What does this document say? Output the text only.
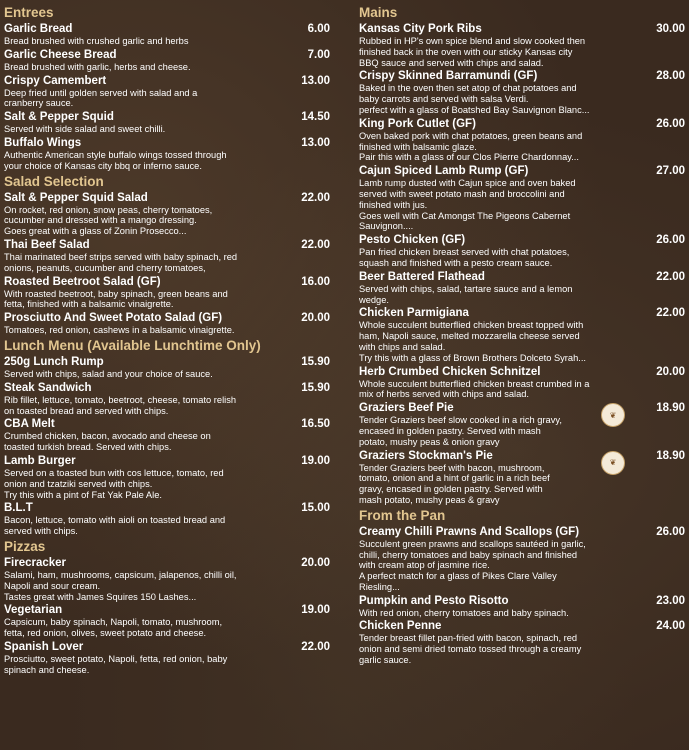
Entrees
Garlic Bread	6.00
Bread brushed with crushed garlic and herbs
Garlic Cheese Bread	7.00
Bread brushed with garlic, herbs and cheese.
Crispy Camembert	13.00
Deep fried until golden served with salad and a
cranberry sauce.
Salt & Pepper Squid	14.50
Served with side salad and sweet chilli.
Buffalo Wings	13.00
Authentic American style buffalo wings tossed through
your choice of Kansas city bbq or inferno sauce.
Salad Selection
Salt & Pepper Squid Salad	22.00
On rocket, red onion, snow peas, cherry tomatoes,
cucumber and dressed with a mango dressing.
Goes great with a glass of Zonin Prosecco...
Thai Beef Salad	22.00
Thai marinated beef strips served with baby spinach, red
onions, peanuts, cucumber and cherry tomatoes,
Roasted Beetroot Salad (GF)	16.00
With roasted beetroot, baby spinach, green beans and
fetta, finished with a balsamic vinaigrette.
Prosciutto And Sweet Potato Salad (GF)	20.00
Tomatoes, red onion, cashews in a balsamic vinaigrette.
Lunch Menu (Available Lunchtime Only)
250g Lunch Rump	15.90
Served with chips, salad and your choice of sauce.
Steak Sandwich	15.90
Rib fillet, lettuce, tomato, beetroot, cheese, tomato relish
on toasted bread and served with chips.
CBA Melt	16.50
Crumbed chicken, bacon, avocado and cheese on
toasted turkish bread. Served with chips.
Lamb Burger	19.00
Served on a toasted bun with cos lettuce, tomato, red
onion and tzatziki served with chips.
Try this with a pint of Fat Yak Pale Ale.
B.L.T	15.00
Bacon, lettuce, tomato with aioli on toasted bread and
served with chips.
Pizzas
Firecracker	20.00
Salami, ham, mushrooms, capsicum, jalapenos, chilli oil,
Napoli and sour cream.
Tastes great with James Squires 150 Lashes...
Vegetarian	19.00
Capsicum, baby spinach, Napoli, tomato, mushroom,
fetta, red onion, olives, sweet potato and cheese.
Spanish Lover	22.00
Prosciutto, sweet potato, Napoli, fetta, red onion, baby
spinach and cheese.
Mains
Kansas City Pork Ribs	30.00
Rubbed in HP's own spice blend and slow cooked then
finished back in the oven with our sticky Kansas city
BBQ sauce and served with chips and salad.
Crispy Skinned Barramundi (GF)	28.00
Baked in the oven then set atop of chat potatoes and
baby carrots and served with salsa Verdi.
perfect with a glass of Boatshed Bay Sauvignon Blanc...
King Pork Cutlet (GF)	26.00
Oven baked pork with chat potatoes, green beans and
finished with balsamic glaze.
Pair this with a glass of our Clos Pierre Chardonnay...
Cajun Spiced Lamb Rump (GF)	27.00
Lamb rump dusted with Cajun spice and oven baked
served with sweet potato mash and broccolini and
finished with jus.
Goes well with Cat Amongst The Pigeons Cabernet
Sauvignon....
Pesto Chicken (GF)	26.00
Pan fried chicken breast served with chat potatoes,
squash and finished with a pesto cream sauce.
Beer Battered Flathead	22.00
Served with chips, salad, tartare sauce and a lemon
wedge.
Chicken Parmigiana	22.00
Whole succulent butterflied chicken breast topped with
ham, Napoli sauce, melted mozzarella cheese served
with chips and salad.
Try this with a glass of Brown Brothers Dolceto Syrah...
Herb Crumbed Chicken Schnitzel	20.00
Whole succulent butterflied chicken breast crumbed in a
mix of herbs served with chips and salad.
Graziers Beef Pie	18.90
❦
Tender Graziers beef slow cooked in a rich gravy,
encased in golden pastry. Served with mash
potato, mushy peas & onion gravy
Graziers Stockman's Pie	18.90
❦
Tender Graziers beef with bacon, mushroom,
tomato, onion and a hint of garlic in a rich beef
gravy, encased in golden pastry. Served with
mash potato, mushy peas & gravy
From the Pan
Creamy Chilli Prawns And Scallops (GF)	26.00
Succulent green prawns and scallops sautéed in garlic,
chilli, cherry tomatoes and baby spinach and finished
with cream atop of jasmine rice.
A perfect match for a glass of Pikes Clare Valley
Riesling...
Pumpkin and Pesto Risotto	23.00
With red onion, cherry tomatoes and baby spinach.
Chicken Penne	24.00
Tender breast fillet pan-fried with bacon, spinach, red
onion and semi dried tomato tossed through a creamy
garlic sauce.
